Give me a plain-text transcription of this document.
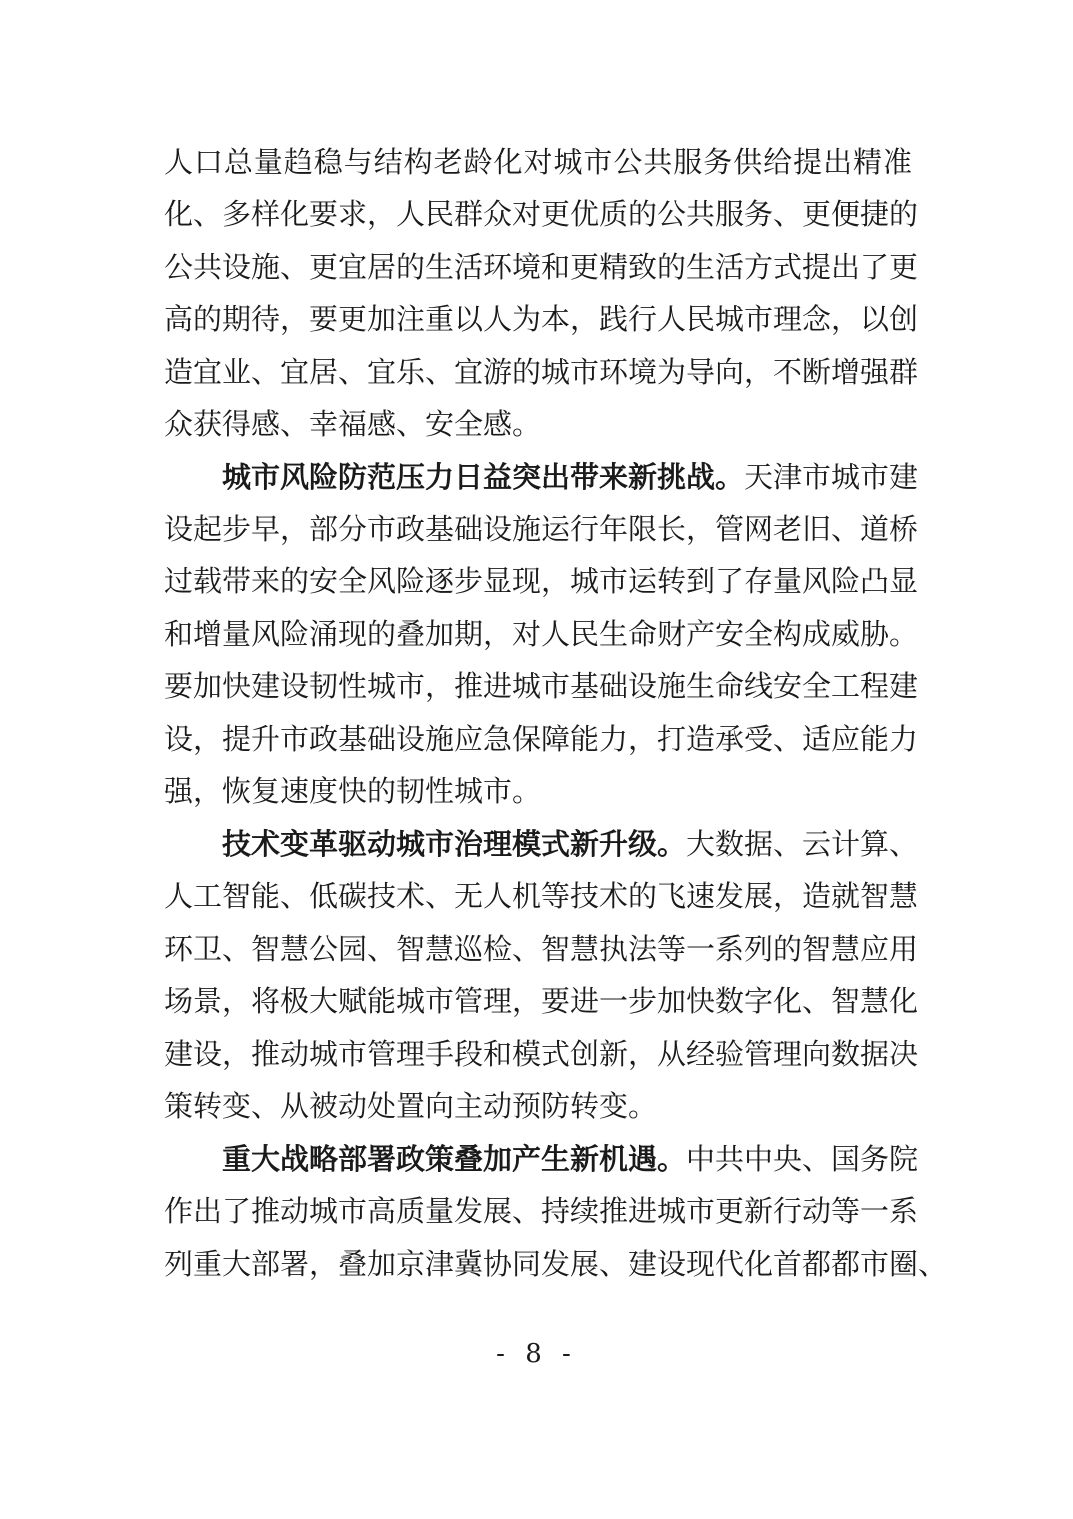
人口总量趋稳与结构老龄化对城市公共服务供给提出精准
化、多样化要求，人民群众对更优质的公共服务、更便捷的
公共设施、更宜居的生活环境和更精致的生活方式提出了更
高的期待，要更加注重以人为本，践行人民城市理念，以创
造宜业、宜居、宜乐、宜游的城市环境为导向，不断增强群
众获得感、幸福感、安全感。
城市风险防范压力日益突出带来新挑战。天津市城市建
设起步早，部分市政基础设施运行年限长，管网老旧、道桥
过载带来的安全风险逐步显现，城市运转到了存量风险凸显
和增量风险涌现的叠加期，对人民生命财产安全构成威胁。
要加快建设韧性城市，推进城市基础设施生命线安全工程建
设，提升市政基础设施应急保障能力，打造承受、适应能力
强，恢复速度快的韧性城市。
技术变革驱动城市治理模式新升级。大数据、云计算、
人工智能、低碳技术、无人机等技术的飞速发展，造就智慧
环卫、智慧公园、智慧巡检、智慧执法等一系列的智慧应用
场景，将极大赋能城市管理，要进一步加快数字化、智慧化
建设，推动城市管理手段和模式创新，从经验管理向数据决
策转变、从被动处置向主动预防转变。
重大战略部署政策叠加产生新机遇。中共中央、国务院
作出了推动城市高质量发展、持续推进城市更新行动等一系
列重大部署，叠加京津冀协同发展、建设现代化首都都市圈、
- 8 -
